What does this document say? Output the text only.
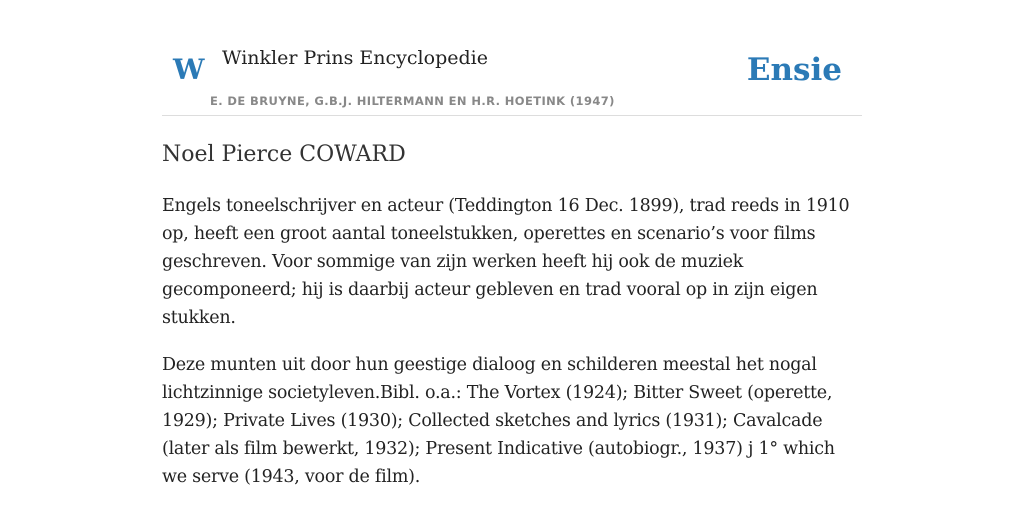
W Winkler Prins Encyclopedie
E. DE BRUYNE, G.B.J. HILTERMANN EN H.R. HOETINK (1947)
Ensie
Noel Pierce COWARD

Engels toneelschrijver en acteur (Teddington 16 Dec. 1899), trad reeds in 1910 op, heeft een groot aantal toneelstukken, operettes en scenario’s voor films geschreven. Voor sommige van zijn werken heeft hij ook de muziek gecomponeerd; hij is daarbij acteur gebleven en trad vooral op in zijn eigen stukken.

Deze munten uit door hun geestige dialoog en schilderen meestal het nogal lichtzinnige societyleven.Bibl. o.a.: The Vortex (1924); Bitter Sweet (operette, 1929); Private Lives (1930); Collected sketches and lyrics (1931); Cavalcade (later als film bewerkt, 1932); Present Indicative (autobiogr., 1937) j 1° which we serve (1943, voor de film).
